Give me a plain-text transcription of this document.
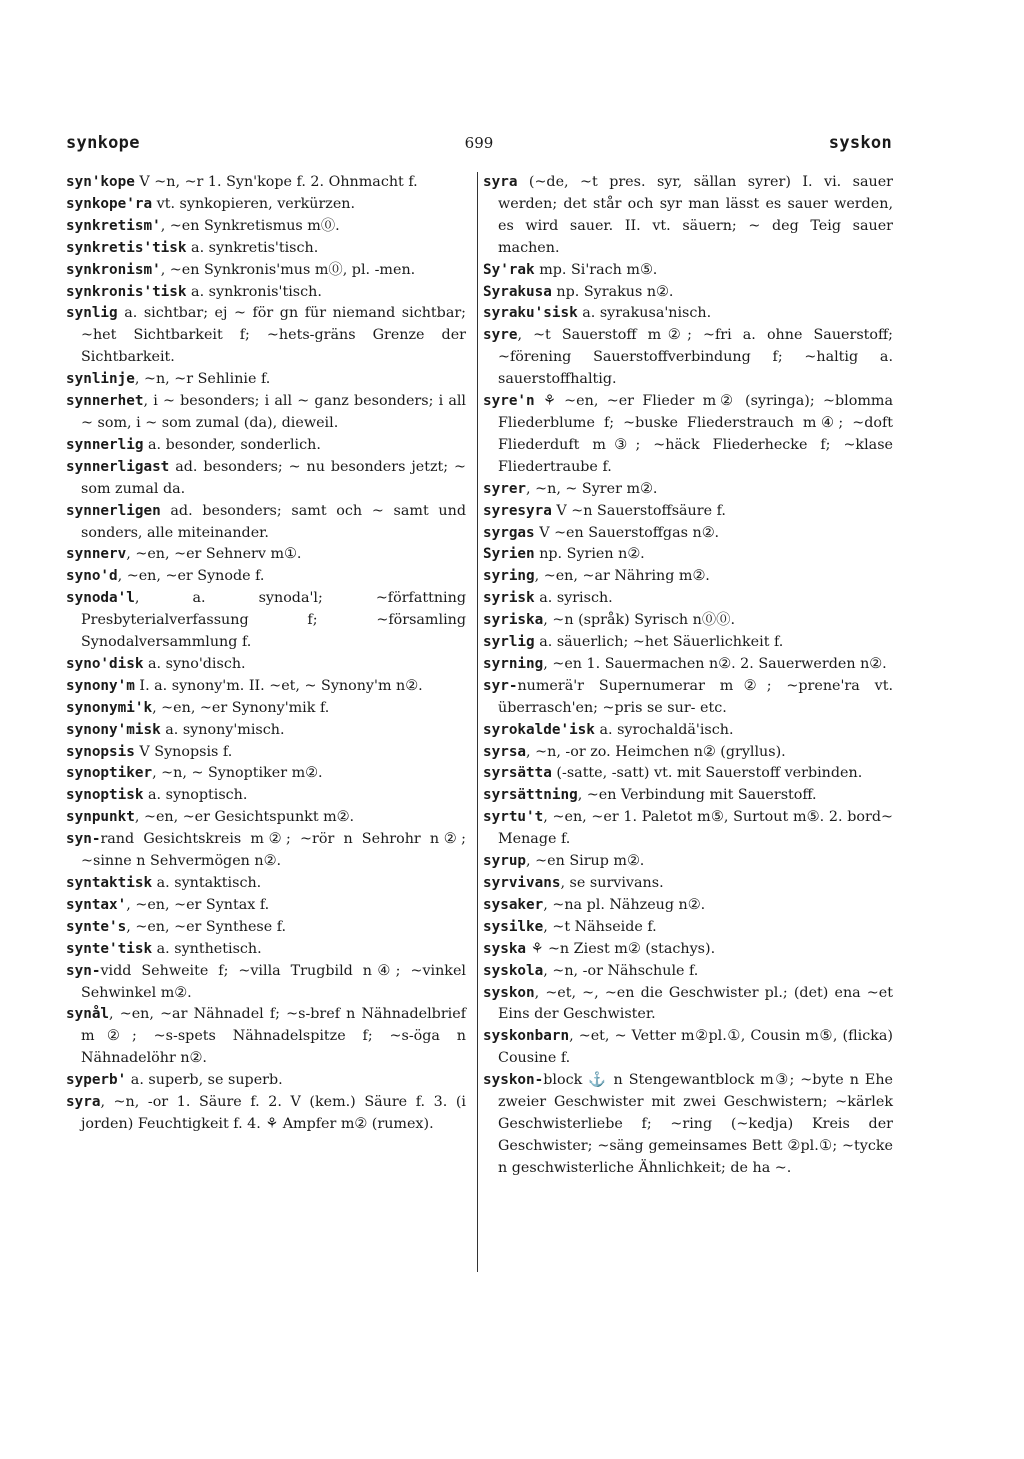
synkope	699	syskon
syn'kope V ~n, ~r 1. Syn'kope f. 2. Ohnmacht f.
synkope'ra vt. synkopieren, verkürzen.
synkretism', ~en Synkretismus m⓪.
synkretis'tisk a. synkretis'tisch.
synkronism', ~en Synkronis'mus m⓪, pl. -men.
synkronis'tisk a. synkronis'tisch.
synlig a. sichtbar; ej ~ för gn für niemand sichtbar; ~het Sichtbarkeit f; ~hets-gräns Grenze der Sichtbarkeit.
synlinje, ~n, ~r Sehlinie f.
synnerhet, i ~ besonders; i all ~ ganz besonders; i all ~ som, i ~ som zumal (da), dieweil.
synnerlig a. besonder, sonderlich.
synnerligast ad. besonders; ~ nu besonders jetzt; ~ som zumal da.
synnerligen ad. besonders; samt och ~ samt und sonders, alle miteinander.
synnerv, ~en, ~er Sehnerv m①.
syno'd, ~en, ~er Synode f.
synoda'l, a. synoda'l; ~författning Presbyterialverfassung f; ~församling Synodalversammlung f.
syno'disk a. syno'disch.
synony'm I. a. synony'm. II. ~et, ~ Synony'm n②.
synonymi'k, ~en, ~er Synony'mik f.
synony'misk a. synony'misch.
synopsis V Synopsis f.
synoptiker, ~n, ~ Synoptiker m②.
synoptisk a. synoptisch.
synpunkt, ~en, ~er Gesichtspunkt m②.
syn-rand Gesichtskreis m②; ~rör n Sehrohr n②; ~sinne n Sehvermögen n②.
syntaktisk a. syntaktisch.
syntax', ~en, ~er Syntax f.
synte's, ~en, ~er Synthese f.
synte'tisk a. synthetisch.
syn-vidd Sehweite f; ~villa Trugbild n④; ~vinkel Sehwinkel m②.
synål, ~en, ~ar Nähnadel f; ~s-bref n Nähnadelbrief m②; ~s-spets Nähnadelspitze f; ~s-öga n Nähnadelöhr n②.
syperb' a. superb, se superb.
syra, ~n, -or 1. Säure f. 2. V (kem.) Säure f. 3. (i jorden) Feuchtigkeit f. 4. ⚘ Ampfer m② (rumex).
syra (~de, ~t pres. syr, sällan syrer) I. vi. sauer werden; det står och syr man lässt es sauer werden, es wird sauer. II. vt. säuern; ~ deg Teig sauer machen.
Sy'rak mp. Si'rach m⑤.
Syrakusa np. Syrakus n②.
syraku'sisk a. syrakusa'nisch.
syre, ~t Sauerstoff m②; ~fri a. ohne Sauerstoff; ~förening Sauerstoffverbindung f; ~haltig a. sauerstoffhaltig.
syre'n ⚘ ~en, ~er Flieder m② (syringa); ~blomma Fliederblume f; ~buske Fliederstrauch m④; ~doft Fliederduft m③; ~häck Fliederhecke f; ~klase Fliedertraube f.
syrer, ~n, ~ Syrer m②.
syresyra V ~n Sauerstoffsäure f.
syrgas V ~en Sauerstoffgas n②.
Syrien np. Syrien n②.
syring, ~en, ~ar Nähring m②.
syrisk a. syrisch.
syriska, ~n (språk) Syrisch n⓪⓪.
syrlig a. säuerlich; ~het Säuerlichkeit f.
syrning, ~en 1. Sauermachen n②. 2. Sauerwerden n②.
syr-numerä'r Supernumerar m②; ~prene'ra vt. überrasch'en; ~pris se sur- etc.
syrokalde'isk a. syrochaldä'isch.
syrsa, ~n, -or zo. Heimchen n② (gryllus).
syrsätta (-satte, -satt) vt. mit Sauerstoff verbinden.
syrsättning, ~en Verbindung mit Sauerstoff.
syrtu't, ~en, ~er 1. Paletot m⑤, Surtout m⑤. 2. bord~ Menage f.
syrup, ~en Sirup m②.
syrvivans, se survivans.
sysaker, ~na pl. Nähzeug n②.
sysilke, ~t Nähseide f.
syska ⚘ ~n Ziest m② (stachys).
syskola, ~n, -or Nähschule f.
syskon, ~et, ~, ~en die Geschwister pl.; (det) ena ~et Eins der Geschwister.
syskonbarn, ~et, ~ Vetter m②pl.①, Cousin m⑤, (flicka) Cousine f.
syskon-block ⚓ n Stengewantblock m③; ~byte n Ehe zweier Geschwister mit zwei Geschwistern; ~kärlek Geschwisterliebe f; ~ring (~kedja) Kreis der Geschwister; ~säng gemeinsames Bett ②pl.①; ~tycke n geschwisterliche Ähnlichkeit; de ha ~.
